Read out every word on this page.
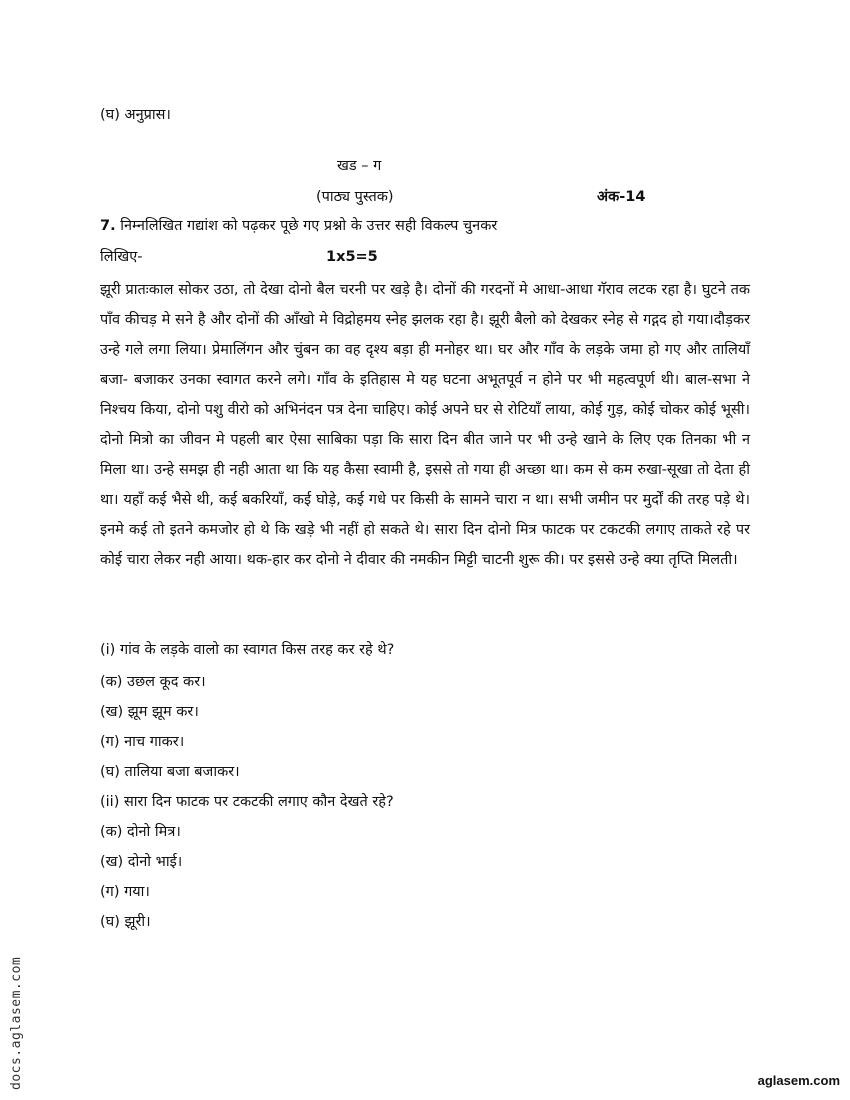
(घ) अनुप्रास।
खड – ग
(पाठ्य पुस्तक)	अंक-14
7. निम्नलिखित गद्यांश को पढ़कर पूछे गए प्रश्नो के उत्तर सही विकल्प चुनकर
लिखिए-	1x5=5
झूरी प्रातःकाल सोकर उठा, तो देखा दोनो बैल चरनी पर खड़े है। दोनों की गरदनों मे आधा-आधा गॅराव लटक रहा है। घुटने तक पाँव कीचड़ मे सने है और दोनों की आँखो मे विद्रोहमय स्नेह झलक रहा है। झूरी बैलो को देखकर स्नेह से गद्गद हो गया।दौड़कर उन्हे गले लगा लिया। प्रेमालिंगन और चुंबन का वह दृश्य बड़ा ही मनोहर था। घर और गाँव के लड़के जमा हो गए और तालियाँ बजा- बजाकर उनका स्वागत करने लगे। गाँव के इतिहास मे यह घटना अभूतपूर्व न होने पर भी महत्वपूर्ण थी। बाल-सभा ने निश्चय किया, दोनो पशु वीरो को अभिनंदन पत्र देना चाहिए। कोई अपने घर से रोटियाँ लाया, कोई गुड़, कोई चोकर कोई भूसी। दोनो मित्रो का जीवन मे पहली बार ऐसा साबिका पड़ा कि सारा दिन बीत जाने पर भी उन्हे खाने के लिए एक तिनका भी न मिला था। उन्हे समझ ही नही आता था कि यह कैसा स्वामी है, इससे तो गया ही अच्छा था। कम से कम रुखा-सूखा तो देता ही था। यहाँ कई भैसे थी, कई बकरियाँ, कई घोड़े, कई गधे पर किसी के सामने चारा न था। सभी जमीन पर मुर्दों की तरह पड़े थे।इनमे कई तो इतने कमजोर हो थे कि खड़े भी नहीं हो सकते थे। सारा दिन दोनो मित्र फाटक पर टकटकी लगाए ताकते रहे पर कोई चारा लेकर नही आया। थक-हार कर दोनो ने दीवार की नमकीन मिट्टी चाटनी शुरू की। पर इससे उन्हे क्या तृप्ति मिलती।
(i) गांव के लड़के वालो का स्वागत किस तरह कर रहे थे?
(क) उछल कूद कर।
(ख) झूम झूम कर।
(ग) नाच गाकर।
(घ) तालिया बजा बजाकर।
(ii) सारा दिन फाटक पर टकटकी लगाए कौन देखते रहे?
(क) दोनो मित्र।
(ख) दोनो भाई।
(ग) गया।
(घ) झूरी।
docs.aglasem.com	aglasem.com
